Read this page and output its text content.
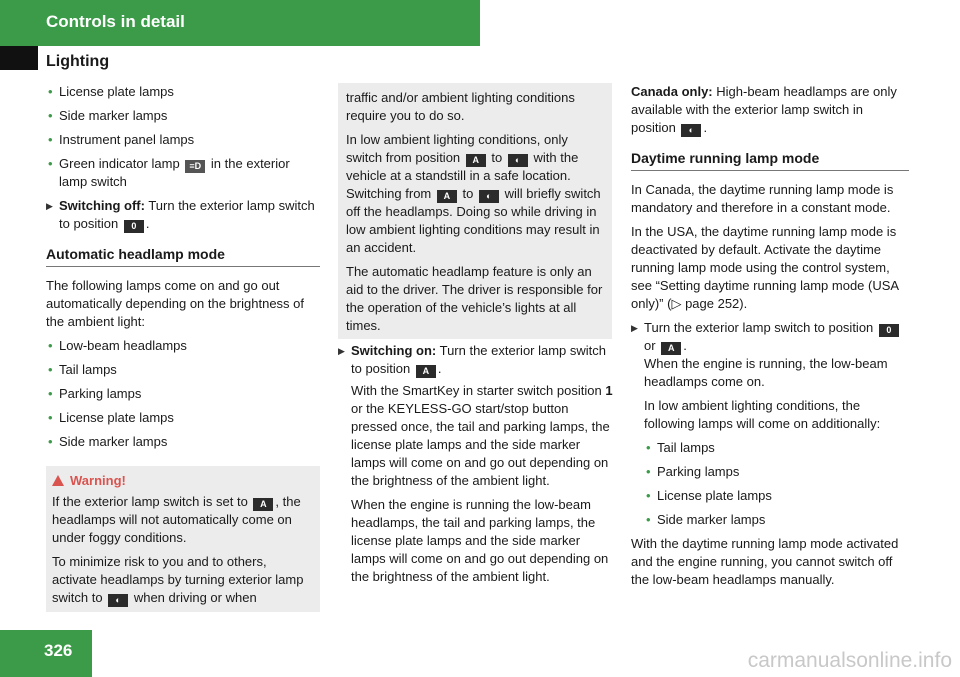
Controls in detail
Lighting
• License plate lamps
• Side marker lamps
• Instrument panel lamps
• Green indicator lamp ≡D in the exterior lamp switch
▶ Switching off: Turn the exterior lamp switch to position 0 .
Automatic headlamp mode

The following lamps come on and go out automatically depending on the brightness of the ambient light:

• Low-beam headlamps
• Tail lamps
• Parking lamps
• License plate lamps
• Side marker lamps
Warning!

If the exterior lamp switch is set to A , the headlamps will not automatically come on under foggy conditions.

To minimize risk to you and to others, activate headlamps by turning exterior lamp switch to ◐ when driving or when

traffic and/or ambient lighting conditions require you to do so.

In low ambient lighting conditions, only switch from position A to ◐ with the vehicle at a standstill in a safe location. Switching from A to ◐ will briefly switch off the headlamps. Doing so while driving in low ambient lighting conditions may result in an accident.

The automatic headlamp feature is only an aid to the driver. The driver is responsible for the operation of the vehicle’s lights at all times.

▶ Switching on: Turn the exterior lamp switch to position A .
With the SmartKey in starter switch position 1 or the KEYLESS-GO start/stop button pressed once, the tail and parking lamps, the license plate lamps and the side marker lamps will come on and go out depending on the brightness of the ambient light.
When the engine is running the low-beam headlamps, the tail and parking lamps, the license plate lamps and the side marker lamps will come on and go out depending on the brightness of the ambient light.

Canada only: High-beam headlamps are only available with the exterior lamp switch in position ◐ .

Daytime running lamp mode

In Canada, the daytime running lamp mode is mandatory and therefore in a constant mode.

In the USA, the daytime running lamp mode is deactivated by default. Activate the daytime running lamp mode using the control system, see “Setting daytime running lamp mode (USA only)” (▷ page 252).

▶ Turn the exterior lamp switch to position 0 or A .
When the engine is running, the low-beam headlamps come on.
In low ambient lighting conditions, the following lamps will come on additionally:
• Tail lamps
• Parking lamps
• License plate lamps
• Side marker lamps

With the daytime running lamp mode activated and the engine running, you cannot switch off the low-beam headlamps manually.

326	carmanualsonline.info
